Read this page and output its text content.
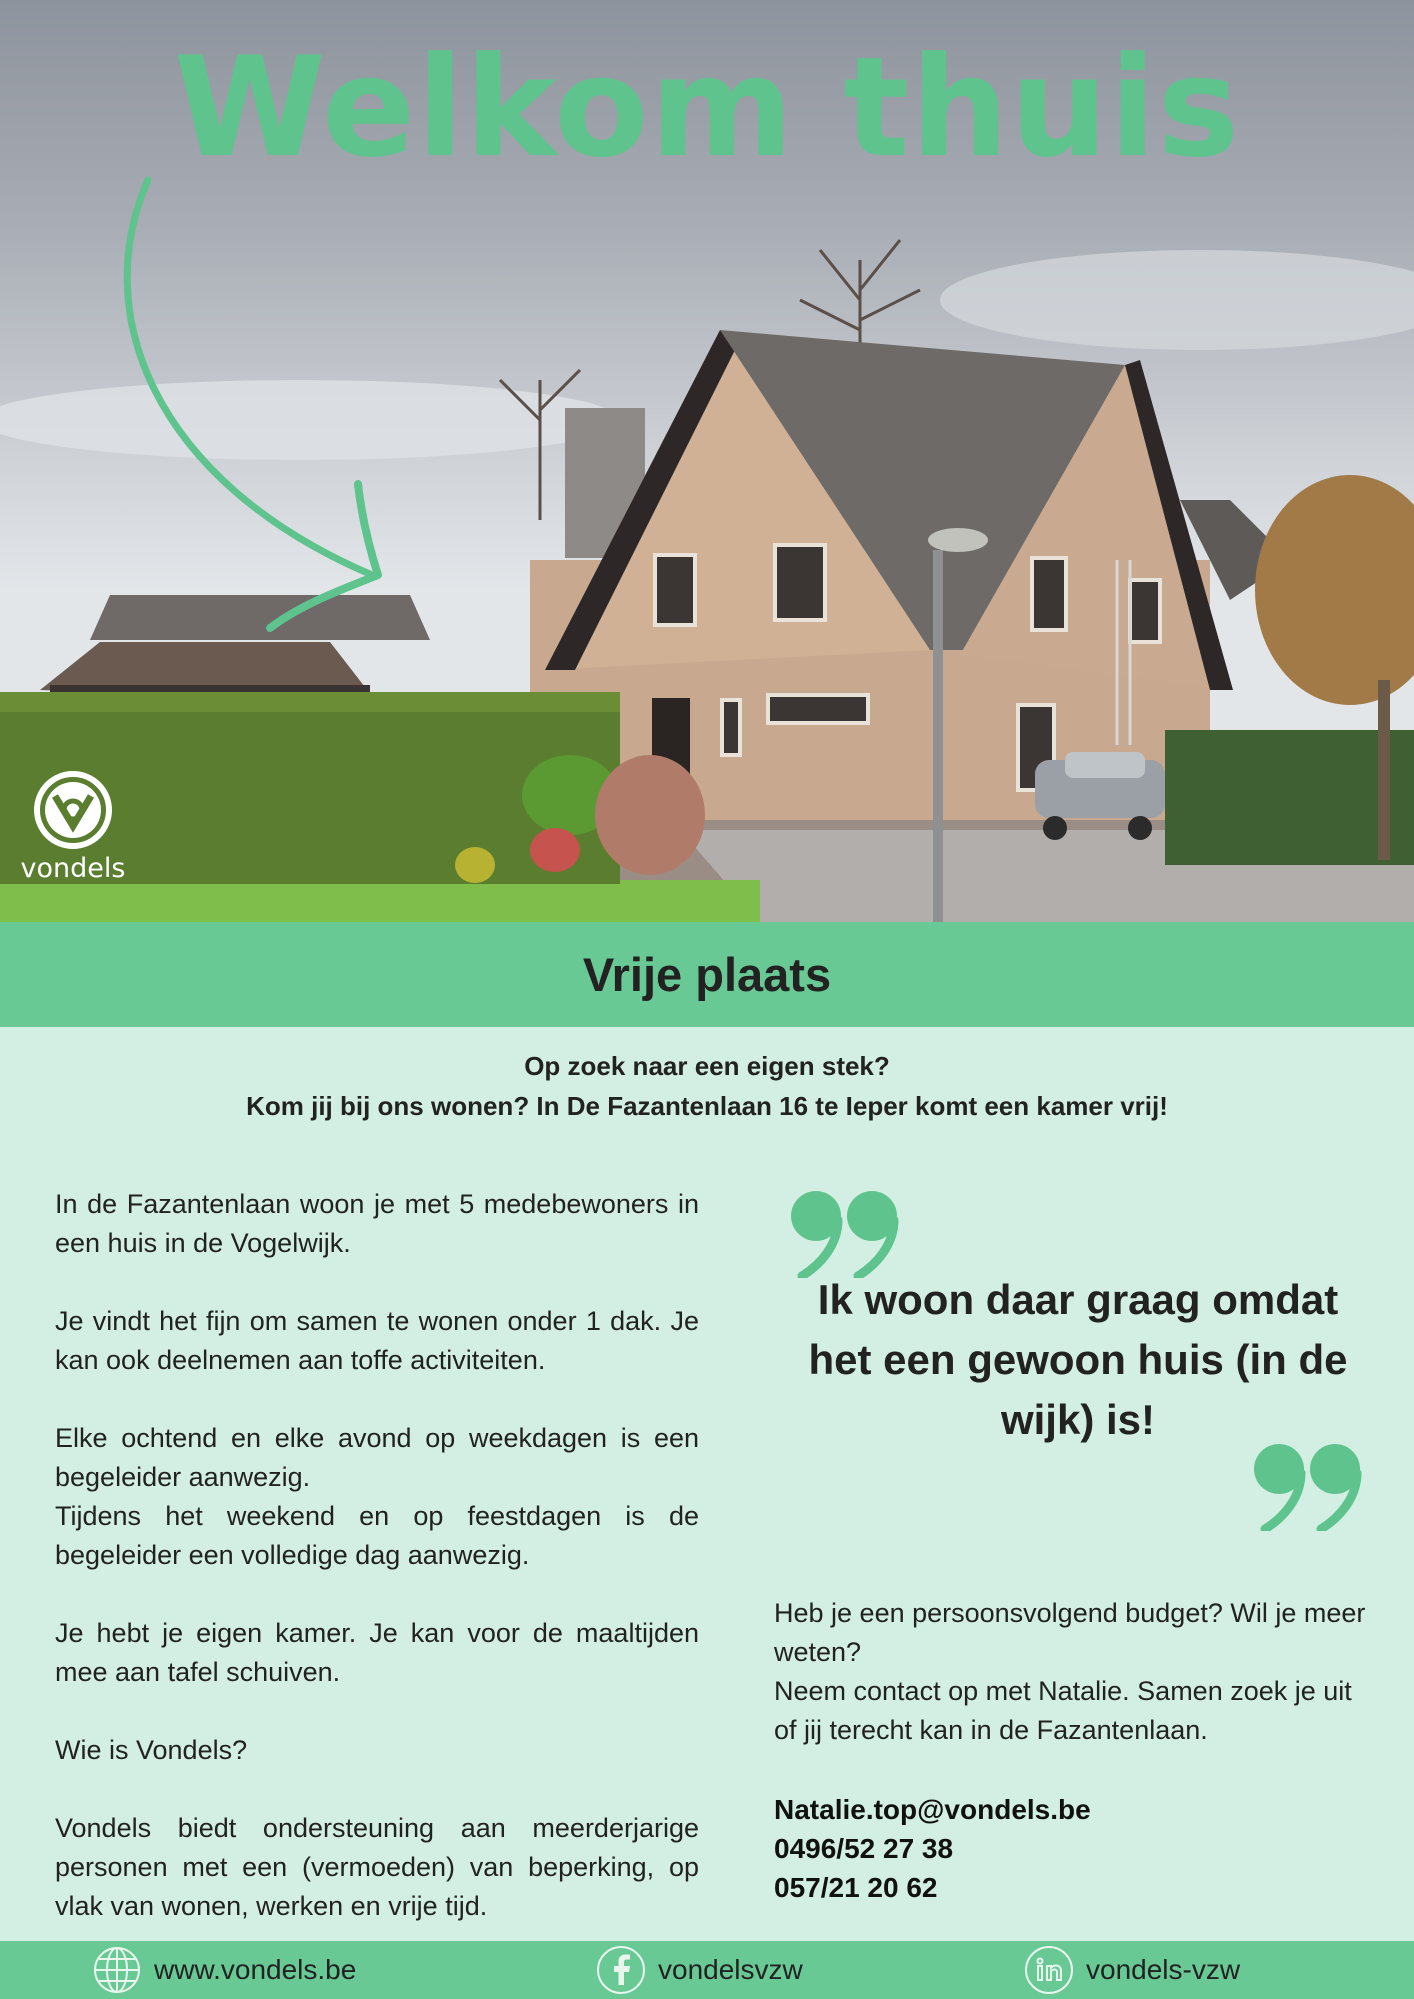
Welkom thuis
vondels
Vrije plaats

Op zoek naar een eigen stek?

Kom jij bij ons wonen? In De Fazantenlaan 16 te Ieper komt een kamer vrij!

In de Fazantenlaan woon je met 5 medebewoners in een huis in de Vogelwijk.

Je vindt het fijn om samen te wonen onder 1 dak. Je kan ook deelnemen aan toffe activiteiten.

Elke ochtend en elke avond op weekdagen is een begeleider aanwezig.

Tijdens het weekend en op feestdagen is de begeleider een volledige dag aanwezig.

Je hebt je eigen kamer. Je kan voor de maaltijden mee aan tafel schuiven.

Wie is Vondels?

Vondels biedt ondersteuning aan meerderjarige personen met een (vermoeden) van beperking, op vlak van wonen, werken en vrije tijd.

Ik woon daar graag omdat het een gewoon huis (in de wijk) is!

Heb je een persoonsvolgend budget? Wil je meer weten?

Neem contact op met Natalie. Samen zoek je uit of jij terecht kan in de Fazantenlaan.

Natalie.top@vondels.be
0496/52 27 38
057/21 20 62
www.vondels.be	vondelsvzw	vondels-vzw
